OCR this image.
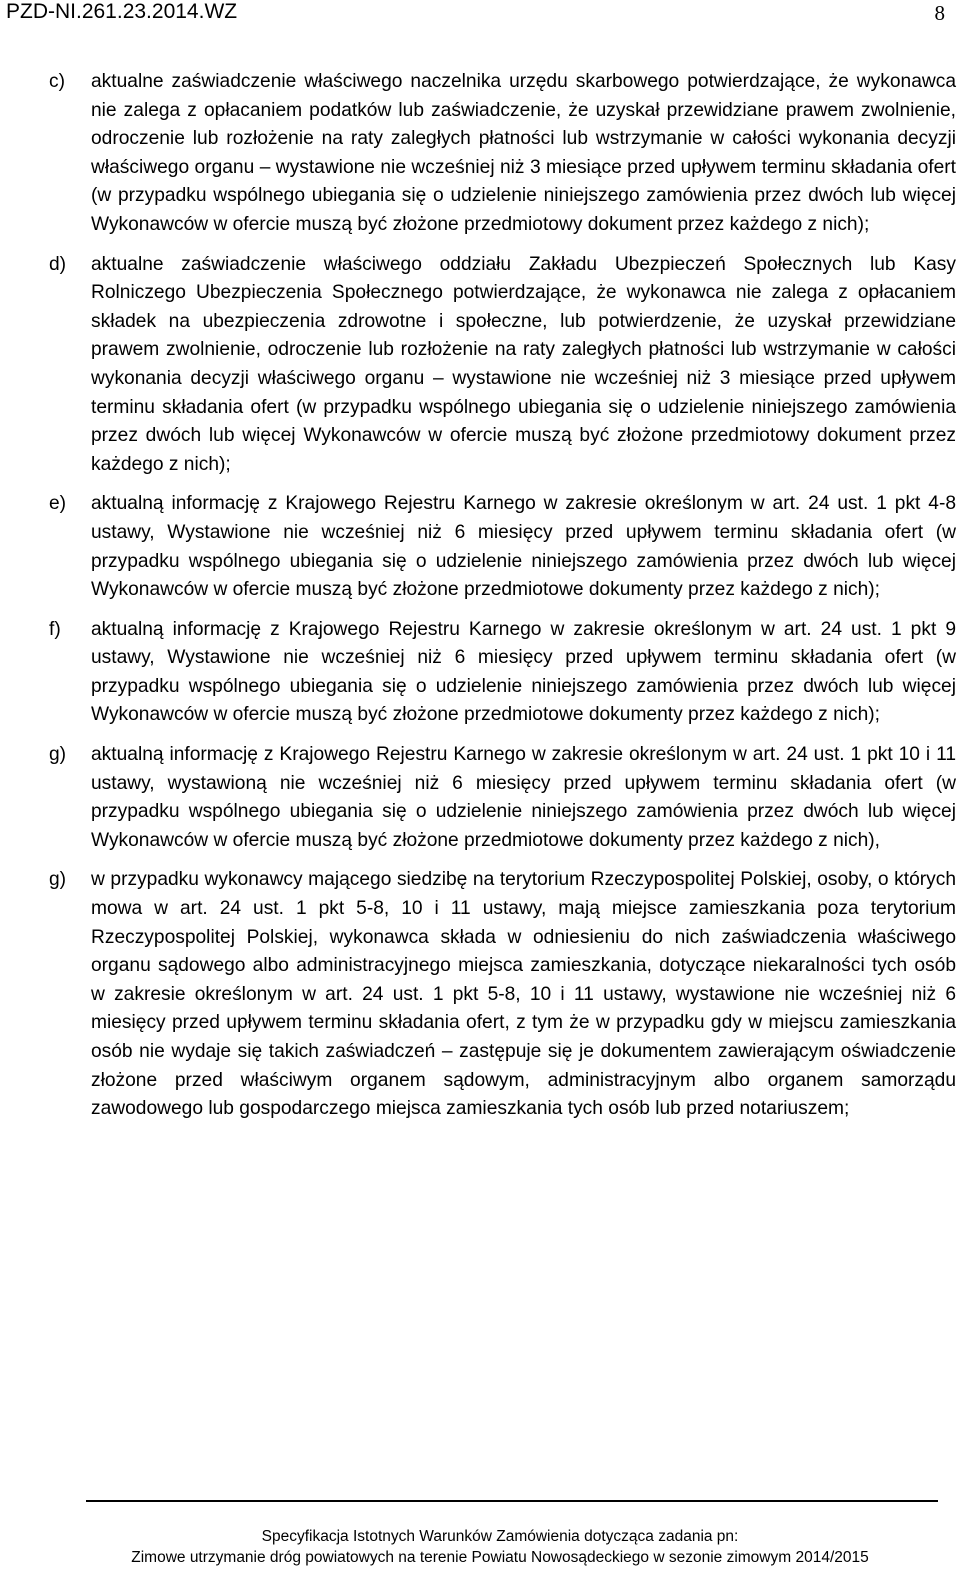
PZD-NI.261.23.2014.WZ	8
c) aktualne zaświadczenie właściwego naczelnika urzędu skarbowego potwierdzające, że wykonawca nie zalega z opłacaniem podatków lub zaświadczenie, że uzyskał przewidziane prawem zwolnienie, odroczenie lub rozłożenie na raty zaległych płatności lub wstrzymanie w całości wykonania decyzji właściwego organu – wystawione nie wcześniej niż 3 miesiące przed upływem terminu składania ofert (w przypadku wspólnego ubiegania się o udzielenie niniejszego zamówienia przez dwóch lub więcej Wykonawców w ofercie muszą być złożone przedmiotowy dokument przez każdego z nich);
d) aktualne zaświadczenie właściwego oddziału Zakładu Ubezpieczeń Społecznych lub Kasy Rolniczego Ubezpieczenia Społecznego potwierdzające, że wykonawca nie zalega z opłacaniem składek na ubezpieczenia zdrowotne i społeczne, lub potwierdzenie, że uzyskał przewidziane prawem zwolnienie, odroczenie lub rozłożenie na raty zaległych płatności lub wstrzymanie w całości wykonania decyzji właściwego organu – wystawione nie wcześniej niż 3 miesiące przed upływem terminu składania ofert (w przypadku wspólnego ubiegania się o udzielenie niniejszego zamówienia przez dwóch lub więcej Wykonawców w ofercie muszą być złożone przedmiotowy dokument przez każdego z nich);
e) aktualną informację z Krajowego Rejestru Karnego w zakresie określonym w art. 24 ust. 1 pkt 4-8 ustawy, Wystawione nie wcześniej niż 6 miesięcy przed upływem terminu składania ofert (w przypadku wspólnego ubiegania się o udzielenie niniejszego zamówienia przez dwóch lub więcej Wykonawców w ofercie muszą być złożone przedmiotowe dokumenty przez każdego z nich);
f) aktualną informację z Krajowego Rejestru Karnego w zakresie określonym w art. 24 ust. 1 pkt 9 ustawy, Wystawione nie wcześniej niż 6 miesięcy przed upływem terminu składania ofert (w przypadku wspólnego ubiegania się o udzielenie niniejszego zamówienia przez dwóch lub więcej Wykonawców w ofercie muszą być złożone przedmiotowe dokumenty przez każdego z nich);
g) aktualną informację z Krajowego Rejestru Karnego w zakresie określonym w art. 24 ust. 1 pkt 10 i 11 ustawy, wystawioną nie wcześniej niż 6 miesięcy przed upływem terminu składania ofert (w przypadku wspólnego ubiegania się o udzielenie niniejszego zamówienia przez dwóch lub więcej Wykonawców w ofercie muszą być złożone przedmiotowe dokumenty przez każdego z nich),
g) w przypadku wykonawcy mającego siedzibę na terytorium Rzeczypospolitej Polskiej, osoby, o których mowa w art. 24 ust. 1 pkt 5-8, 10 i 11 ustawy, mają miejsce zamieszkania poza terytorium Rzeczypospolitej Polskiej, wykonawca składa w odniesieniu do nich zaświadczenia właściwego organu sądowego albo administracyjnego miejsca zamieszkania, dotyczące niekaralności tych osób w zakresie określonym w art. 24 ust. 1 pkt 5-8, 10 i 11 ustawy, wystawione nie wcześniej niż 6 miesięcy przed upływem terminu składania ofert, z tym że w przypadku gdy w miejscu zamieszkania osób nie wydaje się takich zaświadczeń – zastępuje się je dokumentem zawierającym oświadczenie złożone przed właściwym organem sądowym, administracyjnym albo organem samorządu zawodowego lub gospodarczego miejsca zamieszkania tych osób lub przed notariuszem;
Specyfikacja Istotnych Warunków Zamówienia dotycząca zadania pn:
Zimowe utrzymanie dróg powiatowych na terenie Powiatu Nowosądeckiego w sezonie zimowym 2014/2015
